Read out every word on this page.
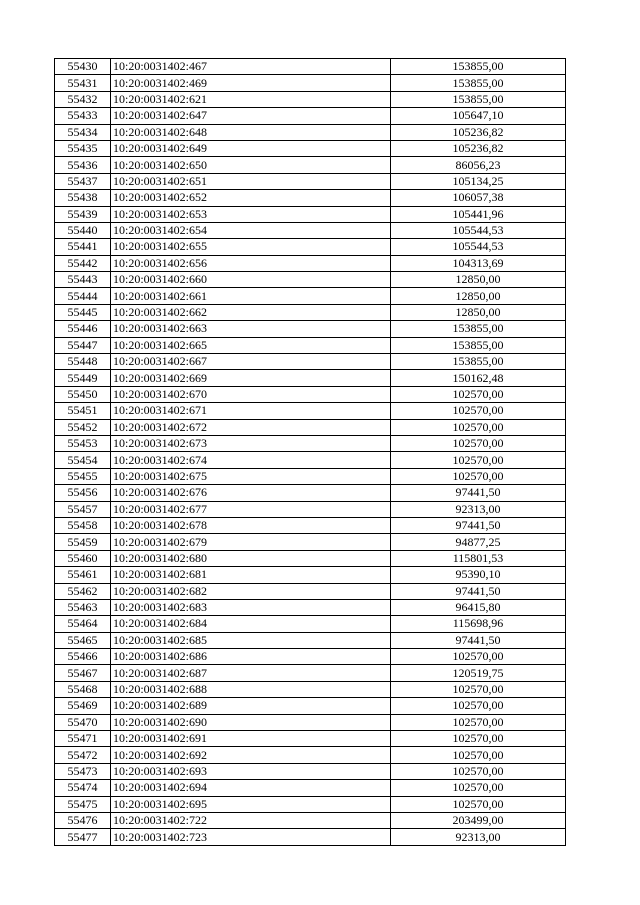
55430	10:20:0031402:467	153855,00
55431	10:20:0031402:469	153855,00
55432	10:20:0031402:621	153855,00
55433	10:20:0031402:647	105647,10
55434	10:20:0031402:648	105236,82
55435	10:20:0031402:649	105236,82
55436	10:20:0031402:650	86056,23
55437	10:20:0031402:651	105134,25
55438	10:20:0031402:652	106057,38
55439	10:20:0031402:653	105441,96
55440	10:20:0031402:654	105544,53
55441	10:20:0031402:655	105544,53
55442	10:20:0031402:656	104313,69
55443	10:20:0031402:660	12850,00
55444	10:20:0031402:661	12850,00
55445	10:20:0031402:662	12850,00
55446	10:20:0031402:663	153855,00
55447	10:20:0031402:665	153855,00
55448	10:20:0031402:667	153855,00
55449	10:20:0031402:669	150162,48
55450	10:20:0031402:670	102570,00
55451	10:20:0031402:671	102570,00
55452	10:20:0031402:672	102570,00
55453	10:20:0031402:673	102570,00
55454	10:20:0031402:674	102570,00
55455	10:20:0031402:675	102570,00
55456	10:20:0031402:676	97441,50
55457	10:20:0031402:677	92313,00
55458	10:20:0031402:678	97441,50
55459	10:20:0031402:679	94877,25
55460	10:20:0031402:680	115801,53
55461	10:20:0031402:681	95390,10
55462	10:20:0031402:682	97441,50
55463	10:20:0031402:683	96415,80
55464	10:20:0031402:684	115698,96
55465	10:20:0031402:685	97441,50
55466	10:20:0031402:686	102570,00
55467	10:20:0031402:687	120519,75
55468	10:20:0031402:688	102570,00
55469	10:20:0031402:689	102570,00
55470	10:20:0031402:690	102570,00
55471	10:20:0031402:691	102570,00
55472	10:20:0031402:692	102570,00
55473	10:20:0031402:693	102570,00
55474	10:20:0031402:694	102570,00
55475	10:20:0031402:695	102570,00
55476	10:20:0031402:722	203499,00
55477	10:20:0031402:723	92313,00
